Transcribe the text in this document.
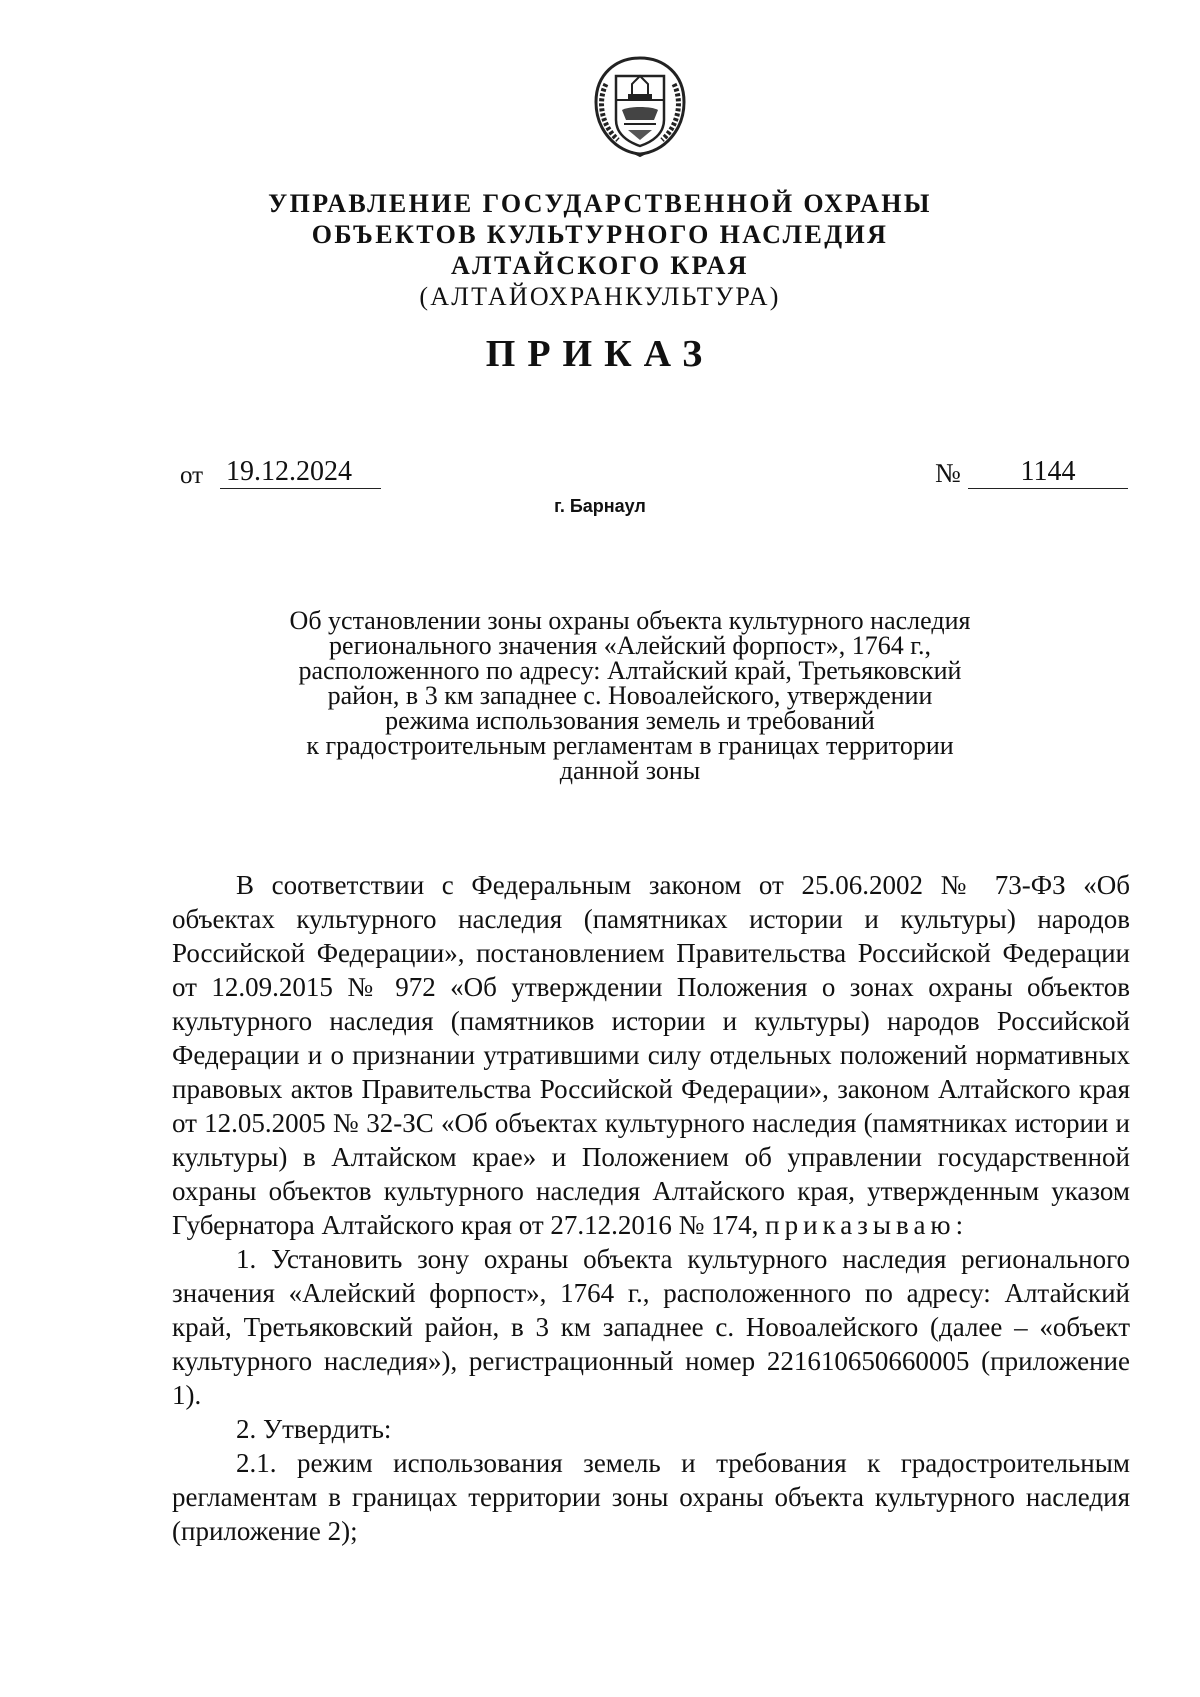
УПРАВЛЕНИЕ ГОСУДАРСТВЕННОЙ ОХРАНЫ
ОБЪЕКТОВ КУЛЬТУРНОГО НАСЛЕДИЯ
АЛТАЙСКОГО КРАЯ
(АЛТАЙОХРАНКУЛЬТУРА)
ПРИКАЗ
от 19.12.2024	№	1144
г. Барнаул
Об установлении зоны охраны объекта культурного наследия
регионального значения «Алейский форпост», 1764 г.,
расположенного по адресу: Алтайский край, Третьяковский
район, в 3 км западнее с. Новоалейского, утверждении
режима использования земель и требований
к градостроительным регламентам в границах территории
данной зоны

В соответствии с Федеральным законом от 25.06.2002 № 73-ФЗ «Об объектах культурного наследия (памятниках истории и культуры) народов Российской Федерации», постановлением Правительства Российской Федерации от 12.09.2015 № 972 «Об утверждении Положения о зонах охраны объектов культурного наследия (памятников истории и культуры) народов Российской Федерации и о признании утратившими силу отдельных положений нормативных правовых актов Правительства Российской Федерации», законом Алтайского края от 12.05.2005 № 32-ЗС «Об объектах культурного наследия (памятниках истории и культуры) в Алтайском крае» и Положением об управлении государственной охраны объектов культурного наследия Алтайского края, утвержденным указом Губернатора Алтайского края от 27.12.2016 № 174, приказываю:

1. Установить зону охраны объекта культурного наследия регионального значения «Алейский форпост», 1764 г., расположенного по адресу: Алтайский край, Третьяковский район, в 3 км западнее с. Новоалейского (далее – «объект культурного наследия»), регистрационный номер 221610650660005 (приложение 1).

2. Утвердить:

2.1. режим использования земель и требования к градостроительным регламентам в границах территории зоны охраны объекта культурного наследия (приложение 2);
